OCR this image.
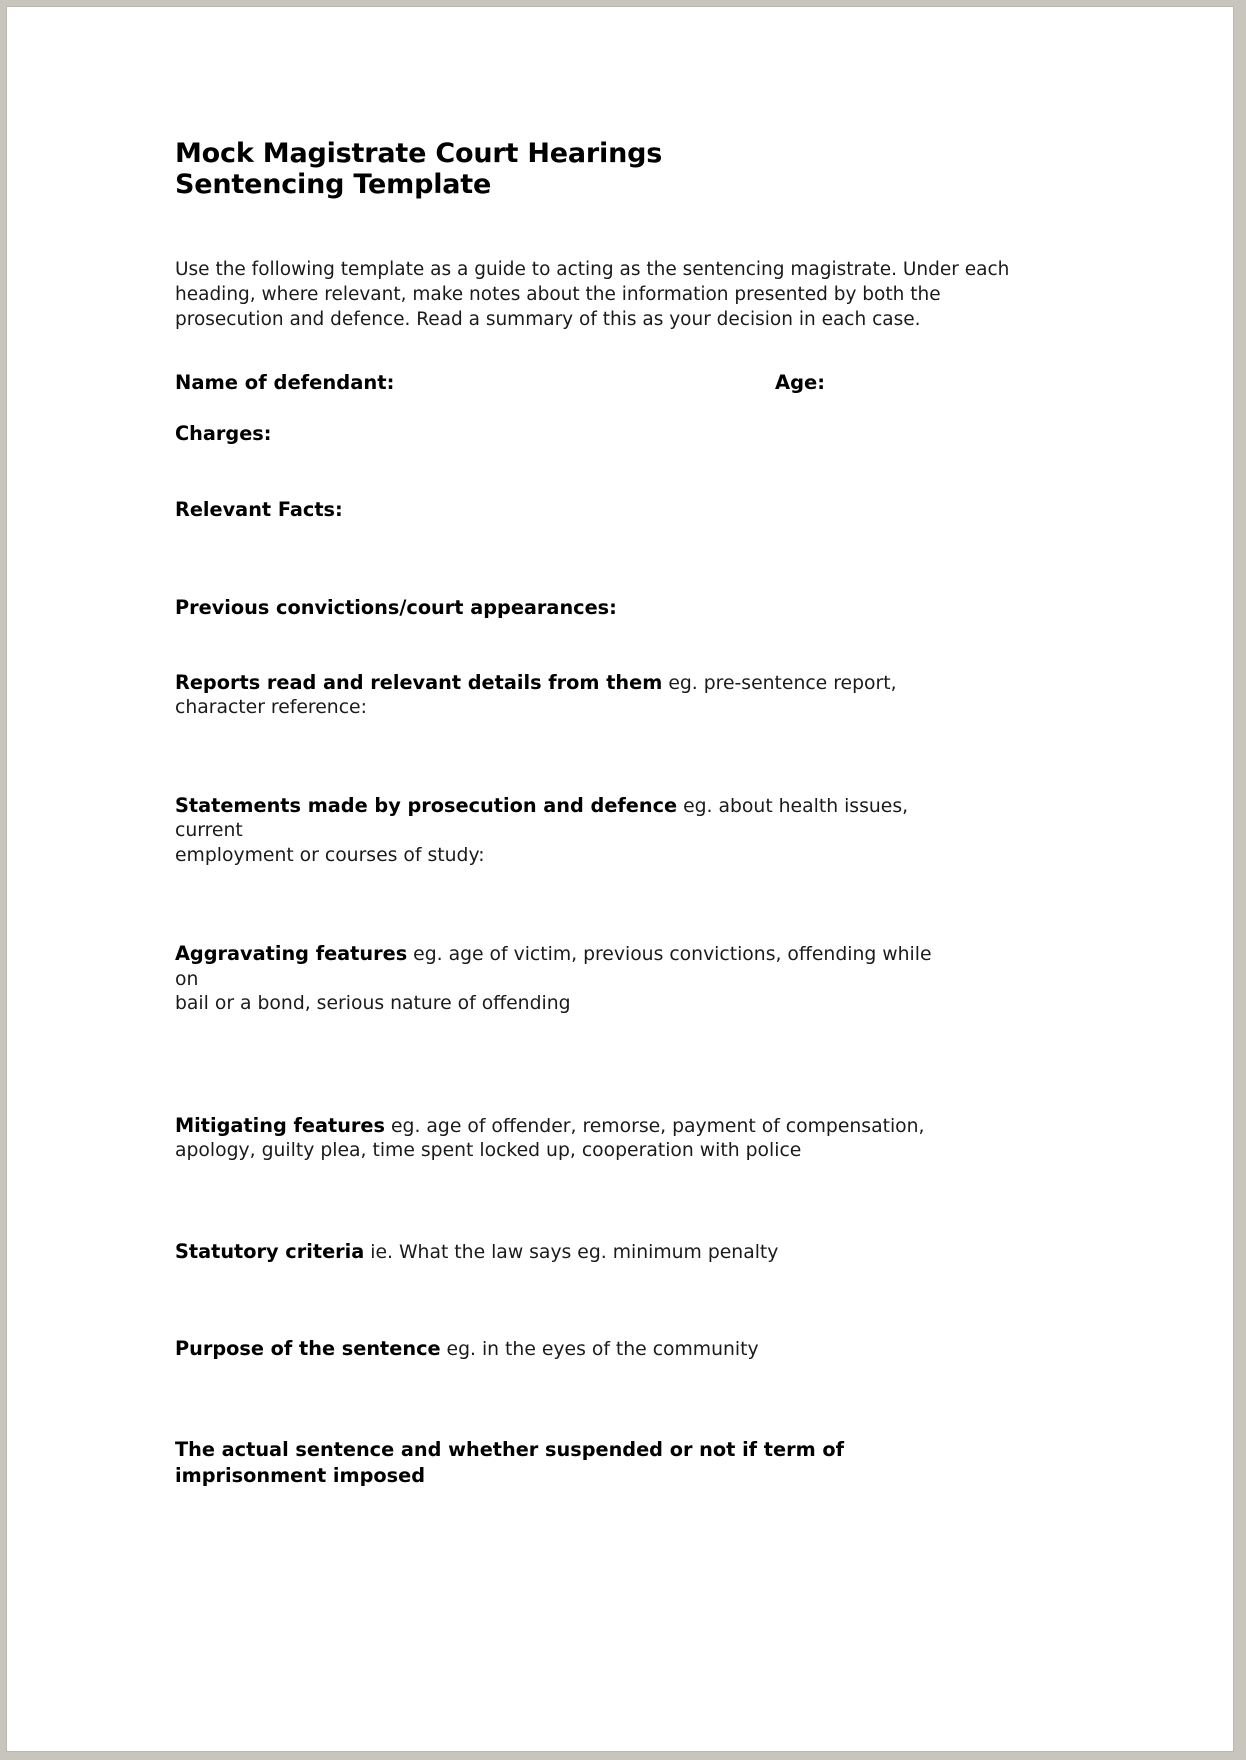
Mock Magistrate Court Hearings
Sentencing Template
Use the following template as a guide to acting as the sentencing magistrate. Under each
heading, where relevant, make notes about the information presented by both the
prosecution and defence. Read a summary of this as your decision in each case.
Name of defendant:	Age:
Charges:
Relevant Facts:
Previous convictions/court appearances:
Reports read and relevant details from them eg. pre-sentence report,
character reference:
Statements made by prosecution and defence eg. about health issues, current
employment or courses of study:
Aggravating features eg. age of victim, previous convictions, offending while on
bail or a bond, serious nature of offending
Mitigating features eg. age of offender, remorse, payment of compensation,
apology, guilty plea, time spent locked up, cooperation with police
Statutory criteria ie. What the law says eg. minimum penalty
Purpose of the sentence eg. in the eyes of the community
The actual sentence and whether suspended or not if term of
imprisonment imposed
